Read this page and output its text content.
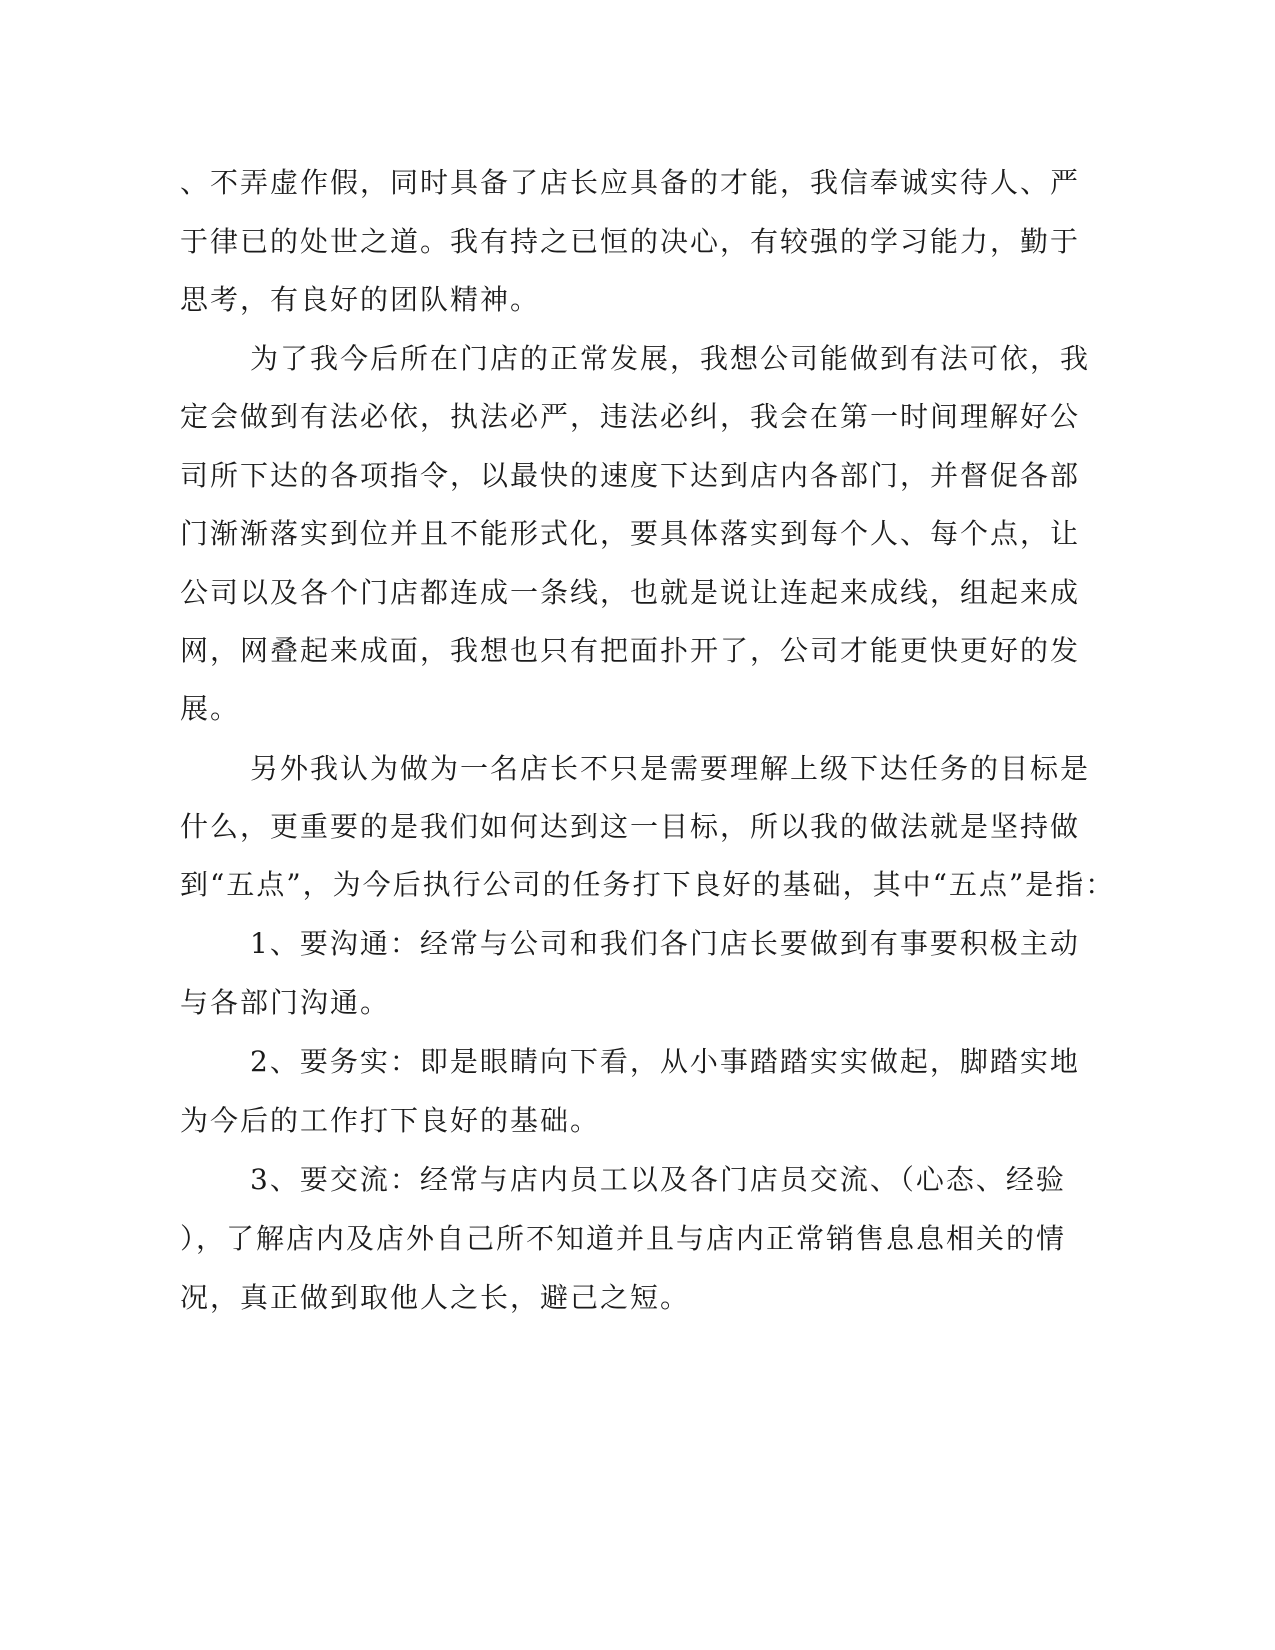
、不弄虚作假，同时具备了店长应具备的才能，我信奉诚实待人、严
于律已的处世之道。我有持之已恒的决心，有较强的学习能力，勤于
思考，有良好的团队精神。
为了我今后所在门店的正常发展，我想公司能做到有法可依，我
定会做到有法必依，执法必严，违法必纠，我会在第一时间理解好公
司所下达的各项指令，以最快的速度下达到店内各部门，并督促各部
门渐渐落实到位并且不能形式化，要具体落实到每个人、每个点，让
公司以及各个门店都连成一条线，也就是说让连起来成线，组起来成
网，网叠起来成面，我想也只有把面扑开了，公司才能更快更好的发
展。
另外我认为做为一名店长不只是需要理解上级下达任务的目标是
什么，更重要的是我们如何达到这一目标，所以我的做法就是坚持做
到“五点”，为今后执行公司的任务打下良好的基础，其中“五点”是指：
1、要沟通：经常与公司和我们各门店长要做到有事要积极主动
与各部门沟通。
2、要务实：即是眼睛向下看，从小事踏踏实实做起，脚踏实地
为今后的工作打下良好的基础。
3、要交流：经常与店内员工以及各门店员交流、（心态、经验
），了解店内及店外自己所不知道并且与店内正常销售息息相关的情
况，真正做到取他人之长，避己之短。
